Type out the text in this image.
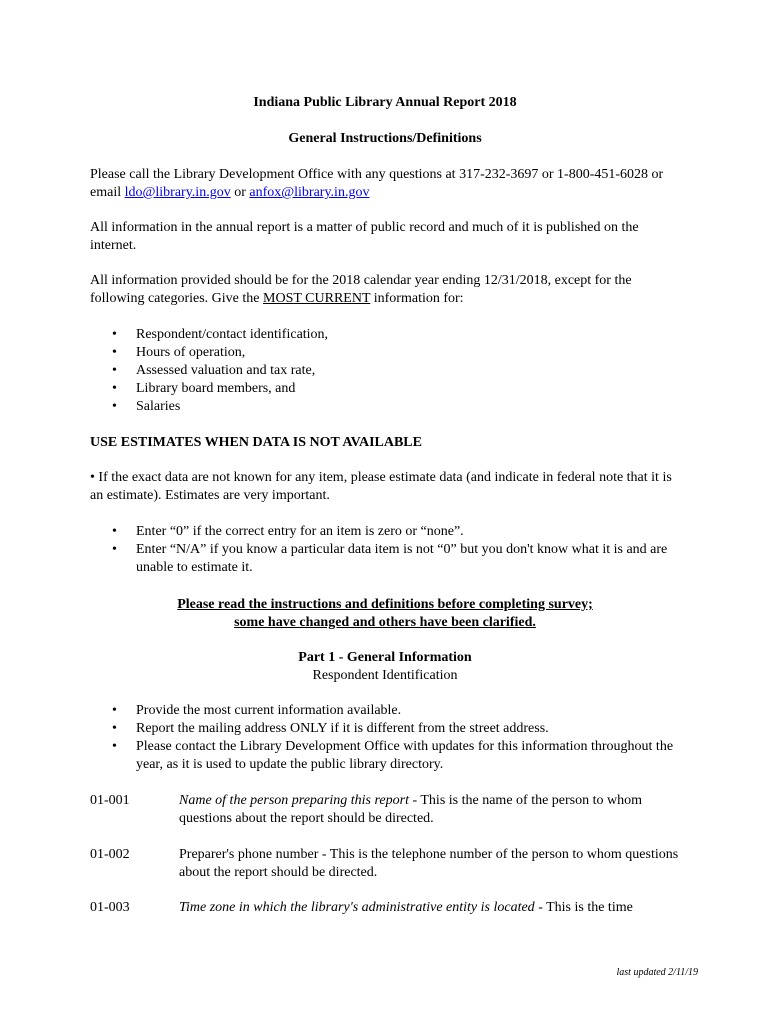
Indiana Public Library Annual Report 2018
General Instructions/Definitions
Please call the Library Development Office with any questions at 317-232-3697 or 1-800-451-6028 or email ldo@library.in.gov or anfox@library.in.gov
All information in the annual report is a matter of public record and much of it is published on the internet.
All information provided should be for the 2018 calendar year ending 12/31/2018, except for the following categories. Give the MOST CURRENT information for:
• Respondent/contact identification,
• Hours of operation,
• Assessed valuation and tax rate,
• Library board members, and
• Salaries
USE ESTIMATES WHEN DATA IS NOT AVAILABLE
• If the exact data are not known for any item, please estimate data (and indicate in federal note that it is an estimate). Estimates are very important.
• Enter “0” if the correct entry for an item is zero or “none”.
• Enter “N/A” if you know a particular data item is not “0” but you don't know what it is and are unable to estimate it.
Please read the instructions and definitions before completing survey;
some have changed and others have been clarified.
Part 1 - General Information
Respondent Identification
• Provide the most current information available.
• Report the mailing address ONLY if it is different from the street address.
• Please contact the Library Development Office with updates for this information throughout the year, as it is used to update the public library directory.
01-001	Name of the person preparing this report - This is the name of the person to whom questions about the report should be directed.
01-002	Preparer's phone number - This is the telephone number of the person to whom questions about the report should be directed.
01-003	Time zone in which the library's administrative entity is located - This is the time
last updated 2/11/19
